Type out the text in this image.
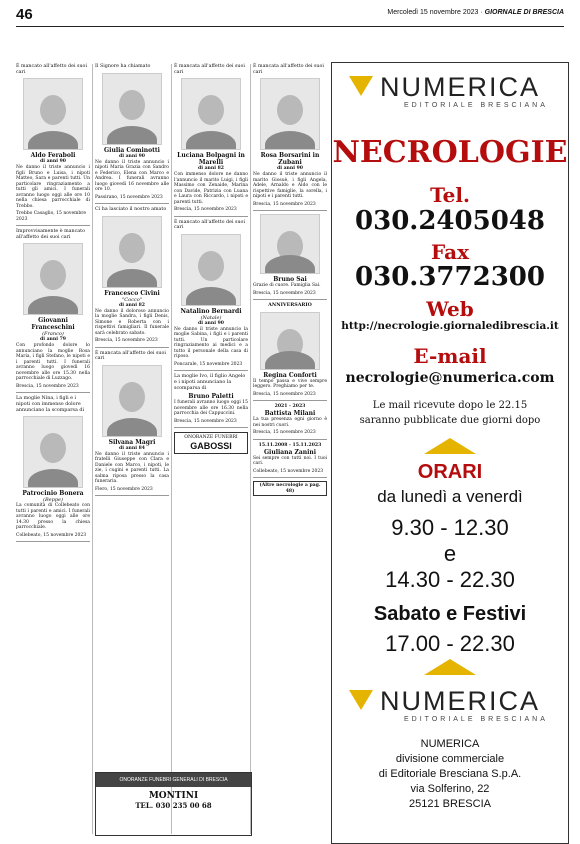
46	Mercoledì 15 novembre 2023 · GIORNALE DI BRESCIA
È mancato all'affetto dei suoi cari
Aldo Feraboli
di anni 90
Ne danno il triste annuncio i figli Bruno e Luisa, i nipoti Matteo, Sara e parenti tutti. Un particolare ringraziamento a tutti gli amici. I funerali avranno luogo oggi alle ore 10 nella chiesa parrocchiale di Trebbo.
Trebbo Casaglio, 15 novembre 2023
Improvvisamente è mancato all'affetto dei suoi cari
Giovanni Franceschini
(Franco)
di anni 79
Con profondo dolore lo annunciano la moglie Rosa Maria, i figli Stefano, le nipoti e i parenti tutti. I funerali avranno luogo giovedì 16 novembre alle ore 15.30 nella parrocchiale di Luzzago.
Brescia, 15 novembre 2023
La moglie Nina, i figli e i nipoti con immenso dolore annunciano la scomparsa di
Patrocinio Bonera
(Beppe)
La comunità di Collebeato con tutti i parenti e amici. I funerali avranno luogo oggi alle ore 14.30 presso la chiesa parrocchiale.
Collebeato, 15 novembre 2023
Il Signore ha chiamato
Giulia Cominotti
di anni 90
Ne danno il triste annuncio i nipoti Maria Grazia con Sandro e Federico, Elena con Marco e Andrea. I funerali avranno luogo giovedì 16 novembre alle ore 10.
Passirano, 15 novembre 2023
Ci ha lasciato il nostro amato
Francesco Civini
"Cocco"
di anni 82
Ne danno il doloroso annuncio la moglie Sandra, i figli Denis, Simone e Roberta con i rispettivi famigliari. Il funerale sarà celebrato sabato.
Brescia, 15 novembre 2023
È mancata all'affetto dei suoi cari
Silvana Magri
di anni 84
Ne danno il triste annuncio i fratelli Giuseppe con Clara e Daniele con Marco, i nipoti, le zie, i cugini e parenti tutti. La salma riposa presso la casa funeraria.
Flero, 15 novembre 2023
È mancata all'affetto dei suoi cari
Luciana Bolpagni in Marelli
di anni 82
Con immenso dolore ne danno l'annuncio il marito Luigi, i figli Massimo con Zenaide, Marina con Davide, Patrizia con Luana e Laura con Riccardo, i nipoti e parenti tutti.
Brescia, 15 novembre 2023
È mancato all'affetto dei suoi cari
Natalino Bernardi
(Natale)
di anni 90
Ne danno il triste annuncio la moglie Sabina, i figli e i parenti tutti. Un particolare ringraziamento ai medici e a tutto il personale della casa di riposo.
Poncarale, 15 novembre 2023
La moglie Ivo, il figlio Angelo e i nipoti annunciano la scomparsa di
Bruno Paletti
I funerali avranno luogo oggi 15 novembre alle ore 16.30 nella parrocchia dei Cappuccini.
Brescia, 15 novembre 2023
ONORANZE FUNEBRI
GABOSSI
È mancata all'affetto dei suoi cari
Rosa Borsarini in Zubani
di anni 90
Ne danno il triste annuncio il marito Giosuè, i figli Angela, Adele, Arnaldo e Aldo con le rispettive famiglie, la sorella, i nipoti e i parenti tutti.
Brescia, 15 novembre 2023
Bruno Sai
Grazie di cuore. Famiglia Sai.
Brescia, 15 novembre 2023
ANNIVERSARIO
Regina Conforti
Il tempo passa e vive sempre leggero. Preghiamo per te.
Brescia, 15 novembre 2023
2021 - 2023
Battista Milani
La tua presenza ogni giorno è nei nostri cuori.
Brescia, 15 novembre 2023
15.11.2008 - 15.11.2023
Giuliana Zanini
Sei sempre con tutti noi. I tuoi cari.
Collebeato, 15 novembre 2023
(Altre necrologie a pag. 48)
ONORANZE FUNEBRI GENERALI DI BRESCIA
MONTINI
TEL. 030 235 00 68
NUMERICA
EDITORIALE BRESCIANA
NECROLOGIE
Tel.
030.2405048
Fax
030.3772300
Web
http://necrologie.giornaledibrescia.it
E-mail
necrologie@numerica.com
Le mail ricevute dopo le 22.15
saranno pubblicate due giorni dopo
ORARI
da lunedì a venerdì
9.30 - 12.30
e
14.30 - 22.30
Sabato e Festivi
17.00 - 22.30
NUMERICA
EDITORIALE BRESCIANA
NUMERICA
divisione commerciale
di Editoriale Bresciana S.p.A.
via Solferino, 22
25121 BRESCIA
